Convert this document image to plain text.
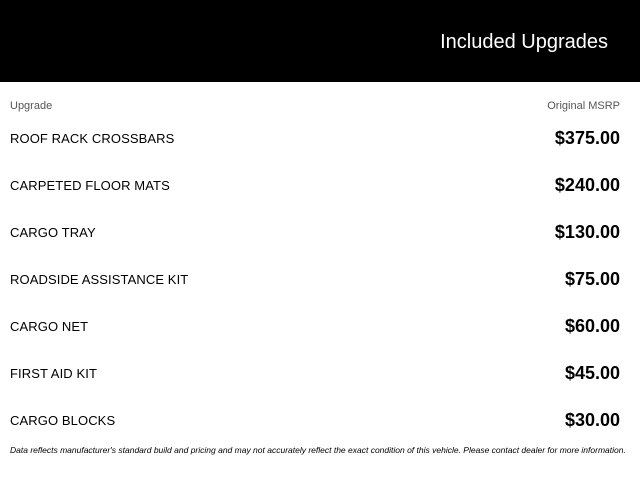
Included Upgrades
Upgrade	Original MSRP
ROOF RACK CROSSBARS	$375.00
CARPETED FLOOR MATS	$240.00
CARGO TRAY	$130.00
ROADSIDE ASSISTANCE KIT	$75.00
CARGO NET	$60.00
FIRST AID KIT	$45.00
CARGO BLOCKS	$30.00
Data reflects manufacturer's standard build and pricing and may not accurately reflect the exact condition of this vehicle. Please contact dealer for more information.
